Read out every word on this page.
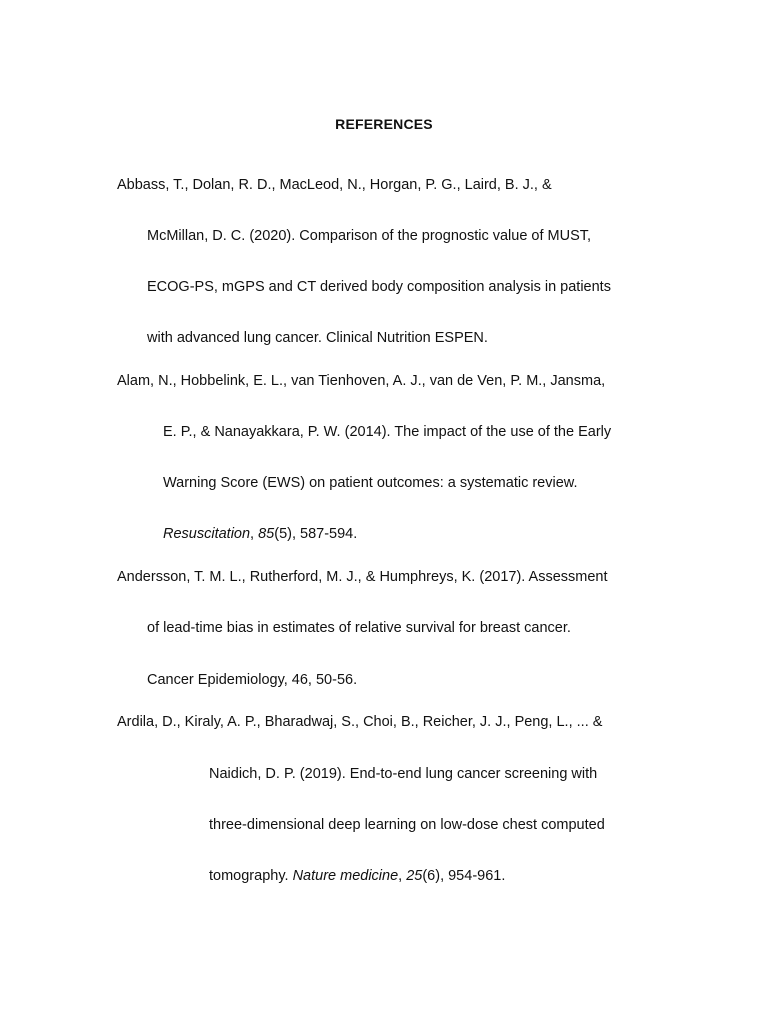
REFERENCES
Abbass, T., Dolan, R. D., MacLeod, N., Horgan, P. G., Laird, B. J., &
McMillan, D. C. (2020). Comparison of the prognostic value of MUST,
ECOG-PS, mGPS and CT derived body composition analysis in patients
with advanced lung cancer. Clinical Nutrition ESPEN.
Alam, N., Hobbelink, E. L., van Tienhoven, A. J., van de Ven, P. M., Jansma,
E. P., & Nanayakkara, P. W. (2014). The impact of the use of the Early
Warning Score (EWS) on patient outcomes: a systematic review.
Resuscitation, 85(5), 587-594.
Andersson, T. M. L., Rutherford, M. J., & Humphreys, K. (2017). Assessment
of lead-time bias in estimates of relative survival for breast cancer.
Cancer Epidemiology, 46, 50-56.
Ardila, D., Kiraly, A. P., Bharadwaj, S., Choi, B., Reicher, J. J., Peng, L., ... &
Naidich, D. P. (2019). End-to-end lung cancer screening with
three-dimensional deep learning on low-dose chest computed
tomography. Nature medicine, 25(6), 954-961.
